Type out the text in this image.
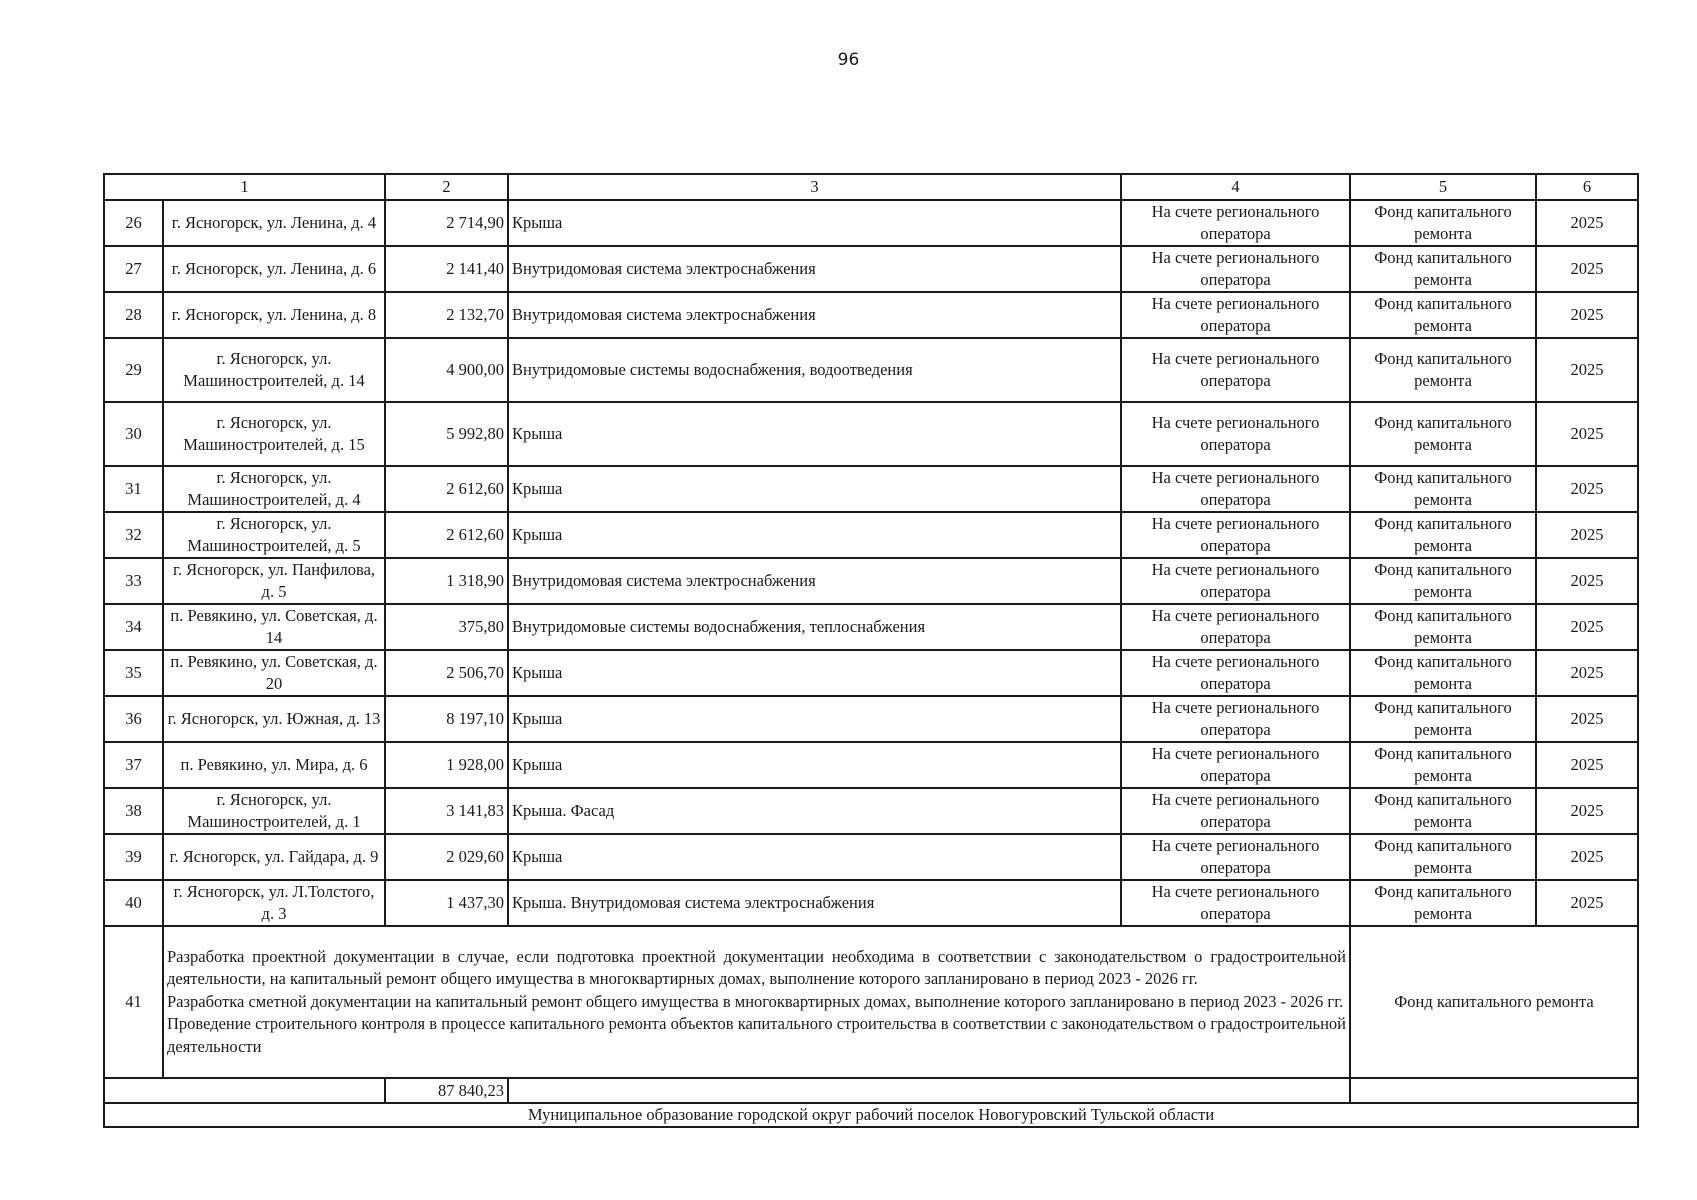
96
1		2	3	4	5	6
26	г. Ясногорск, ул. Ленина, д. 4	2 714,90	Крыша	На счете регионального оператора	Фонд капитального ремонта	2025
27	г. Ясногорск, ул. Ленина, д. 6	2 141,40	Внутридомовая система электроснабжения	На счете регионального оператора	Фонд капитального ремонта	2025
28	г. Ясногорск, ул. Ленина, д. 8	2 132,70	Внутридомовая система электроснабжения	На счете регионального оператора	Фонд капитального ремонта	2025
29	г. Ясногорск, ул. Машиностроителей, д. 14	4 900,00	Внутридомовые системы водоснабжения, водоотведения	На счете регионального оператора	Фонд капитального ремонта	2025
30	г. Ясногорск, ул. Машиностроителей, д. 15	5 992,80	Крыша	На счете регионального оператора	Фонд капитального ремонта	2025
31	г. Ясногорск, ул. Машиностроителей, д. 4	2 612,60	Крыша	На счете регионального оператора	Фонд капитального ремонта	2025
32	г. Ясногорск, ул. Машиностроителей, д. 5	2 612,60	Крыша	На счете регионального оператора	Фонд капитального ремонта	2025
33	г. Ясногорск, ул. Панфилова, д. 5	1 318,90	Внутридомовая система электроснабжения	На счете регионального оператора	Фонд капитального ремонта	2025
34	п. Ревякино, ул. Советская, д. 14	375,80	Внутридомовые системы водоснабжения, теплоснабжения	На счете регионального оператора	Фонд капитального ремонта	2025
35	п. Ревякино, ул. Советская, д. 20	2 506,70	Крыша	На счете регионального оператора	Фонд капитального ремонта	2025
36	г. Ясногорск, ул. Южная, д. 13	8 197,10	Крыша	На счете регионального оператора	Фонд капитального ремонта	2025
37	п. Ревякино, ул. Мира, д. 6	1 928,00	Крыша	На счете регионального оператора	Фонд капитального ремонта	2025
38	г. Ясногорск, ул. Машиностроителей, д. 1	3 141,83	Крыша. Фасад	На счете регионального оператора	Фонд капитального ремонта	2025
39	г. Ясногорск, ул. Гайдара, д. 9	2 029,60	Крыша	На счете регионального оператора	Фонд капитального ремонта	2025
40	г. Ясногорск, ул. Л.Толстого, д. 3	1 437,30	Крыша. Внутридомовая система электроснабжения	На счете регионального оператора	Фонд капитального ремонта	2025
41	Разработка проектной документации в случае, если подготовка проектной документации необходима в соответствии с законодательством о градостроительной деятельности, на капитальный ремонт общего имущества в многоквартирных домах, выполнение которого запланировано в период 2023 - 2026 гг.
Разработка сметной документации на капитальный ремонт общего имущества в многоквартирных домах, выполнение которого запланировано в период 2023 - 2026 гг.
Проведение строительного контроля в процессе капитального ремонта объектов капитального строительства в соответствии с законодательством о градостроительной деятельности				Фонд капитального ремонта	
		87 840,23				
Муниципальное образование городской округ рабочий поселок Новогуровский Тульской области						
